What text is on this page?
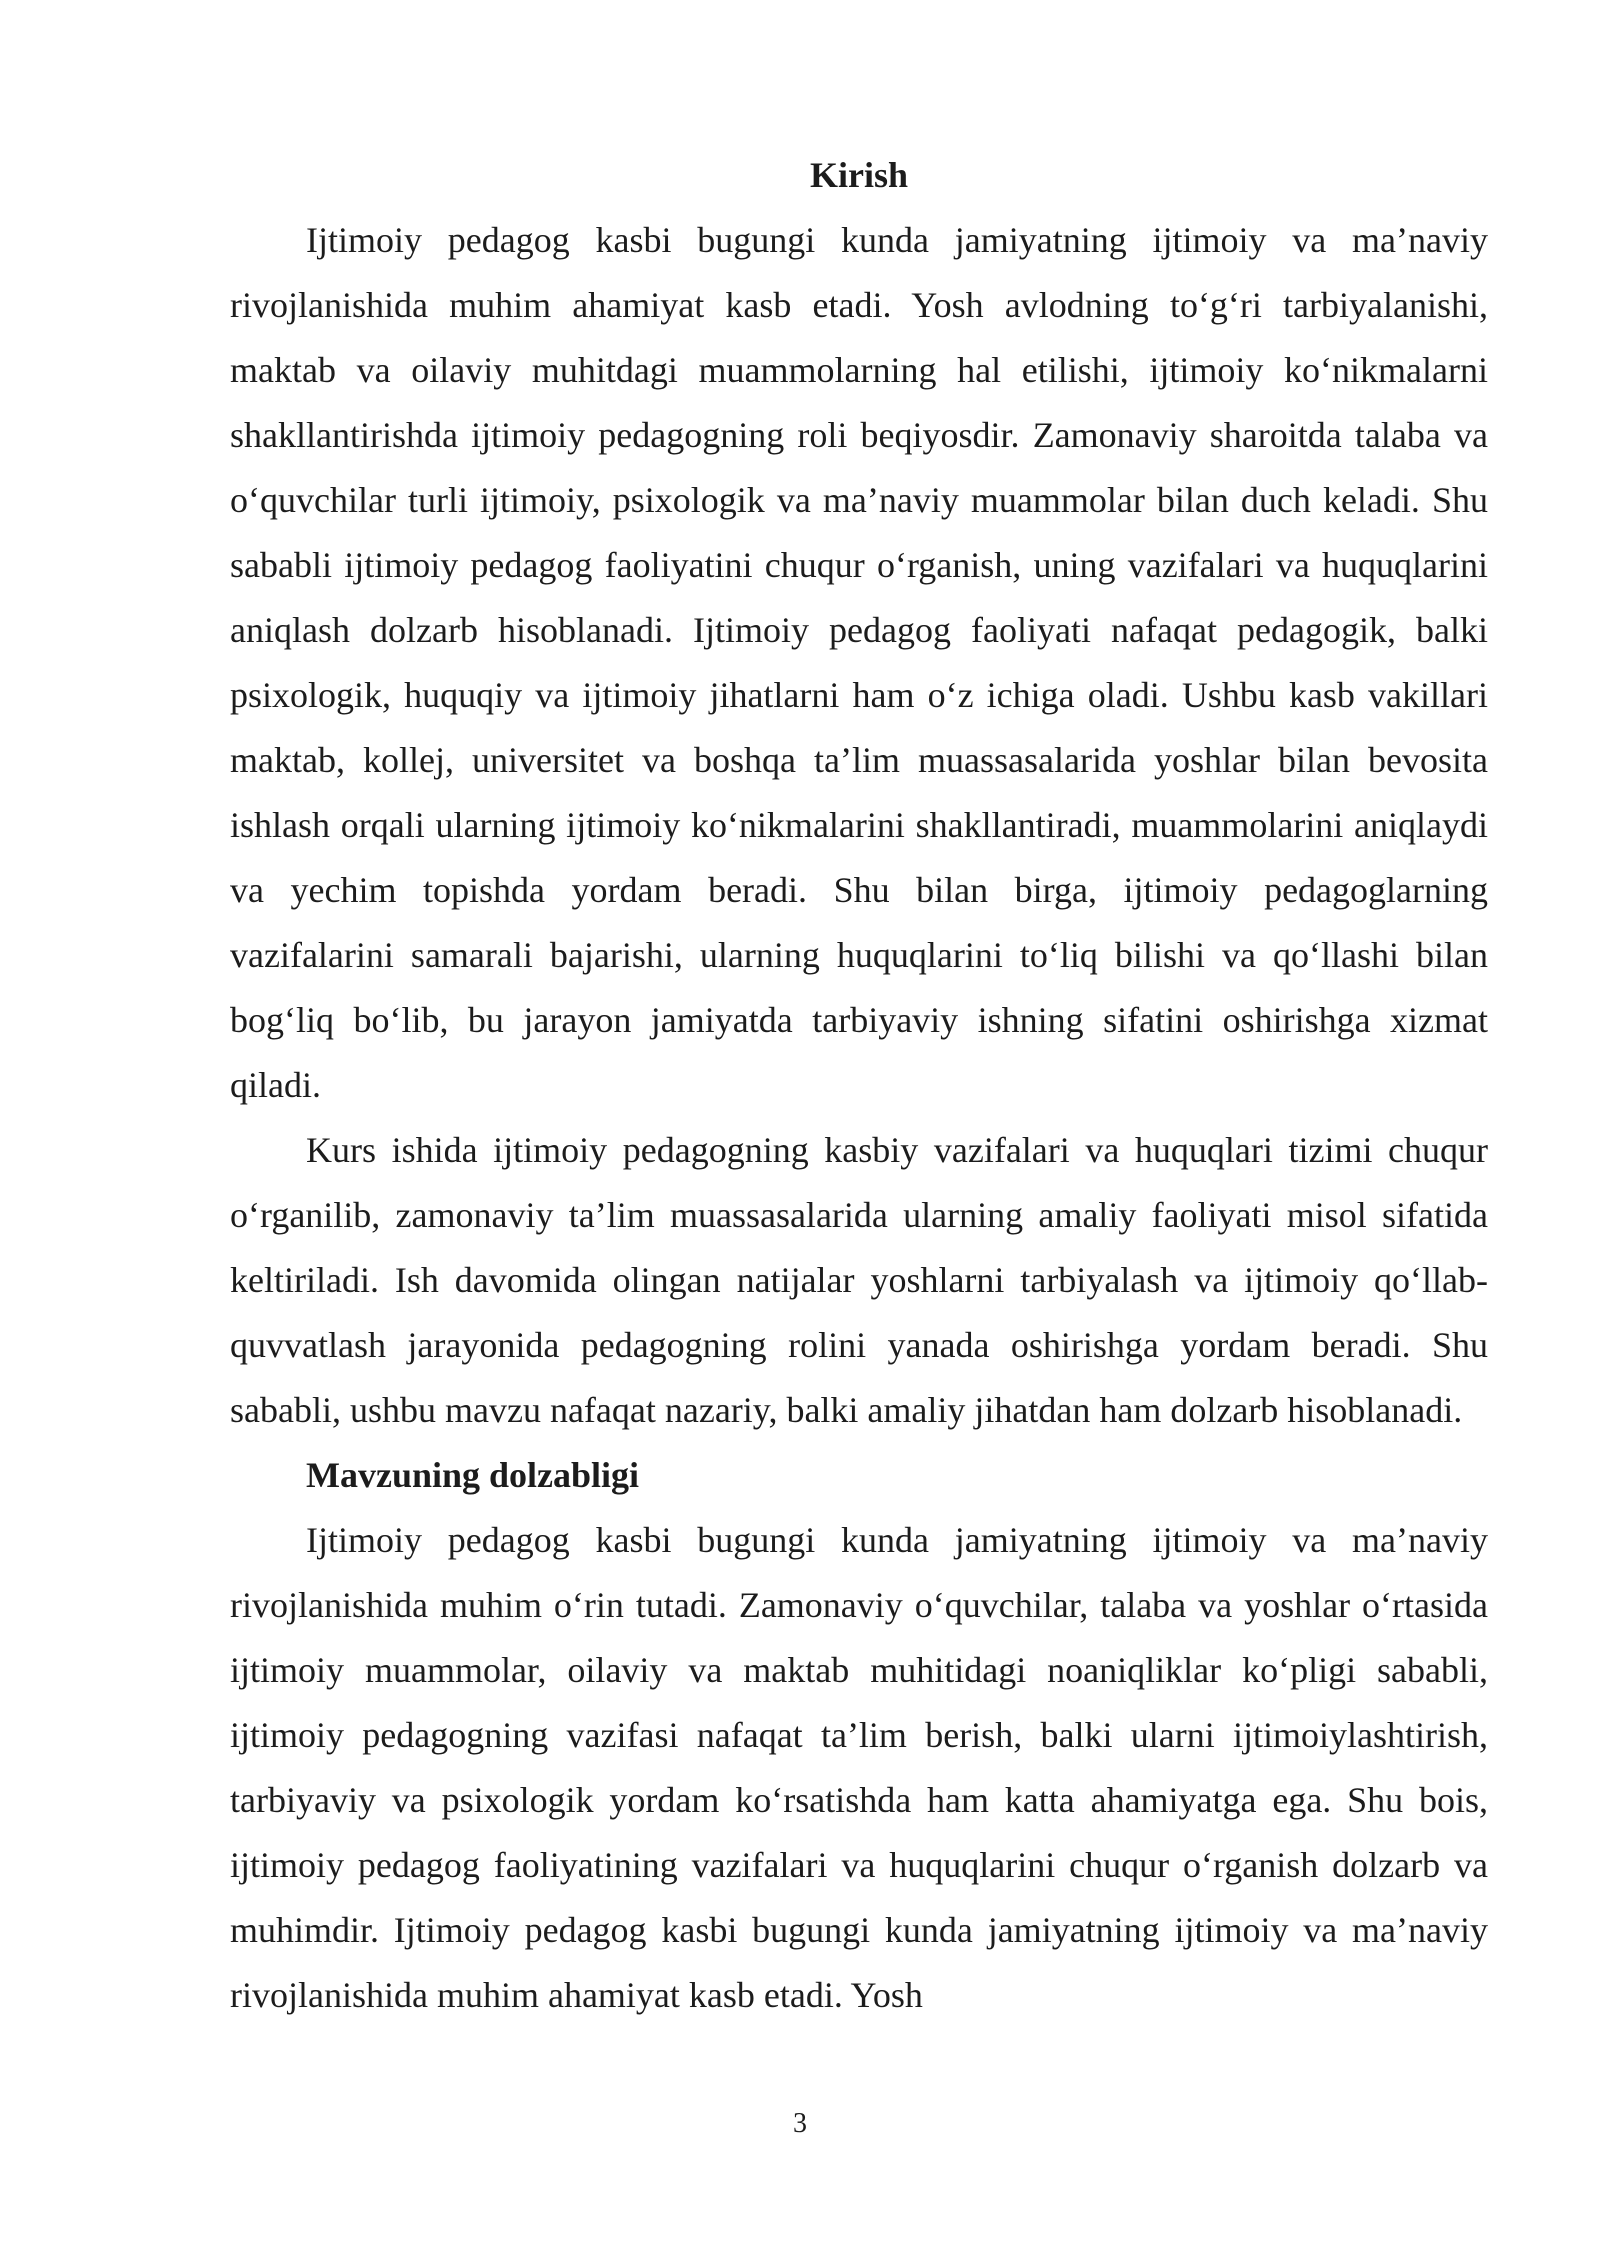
Kirish

Ijtimoiy pedagog kasbi bugungi kunda jamiyatning ijtimoiy va ma’naviy rivojlanishida muhim ahamiyat kasb etadi. Yosh avlodning to‘g‘ri tarbiyalanishi, maktab va oilaviy muhitdagi muammolarning hal etilishi, ijtimoiy ko‘nikmalarni shakllantirishda ijtimoiy pedagogning roli beqiyosdir. Zamonaviy sharoitda talaba va o‘quvchilar turli ijtimoiy, psixologik va ma’naviy muammolar bilan duch keladi. Shu sababli ijtimoiy pedagog faoliyatini chuqur o‘rganish, uning vazifalari va huquqlarini aniqlash dolzarb hisoblanadi. Ijtimoiy pedagog faoliyati nafaqat pedagogik, balki psixologik, huquqiy va ijtimoiy jihatlarni ham o‘z ichiga oladi. Ushbu kasb vakillari maktab, kollej, universitet va boshqa ta’lim muassasalarida yoshlar bilan bevosita ishlash orqali ularning ijtimoiy ko‘nikmalarini shakllantiradi, muammolarini aniqlaydi va yechim topishda yordam beradi. Shu bilan birga, ijtimoiy pedagoglarning vazifalarini samarali bajarishi, ularning huquqlarini to‘liq bilishi va qo‘llashi bilan bog‘liq bo‘lib, bu jarayon jamiyatda tarbiyaviy ishning sifatini oshirishga xizmat qiladi.

Kurs ishida ijtimoiy pedagogning kasbiy vazifalari va huquqlari tizimi chuqur o‘rganilib, zamonaviy ta’lim muassasalarida ularning amaliy faoliyati misol sifatida keltiriladi. Ish davomida olingan natijalar yoshlarni tarbiyalash va ijtimoiy qo‘llab-quvvatlash jarayonida pedagogning rolini yanada oshirishga yordam beradi. Shu sababli, ushbu mavzu nafaqat nazariy, balki amaliy jihatdan ham dolzarb hisoblanadi.

Mavzuning dolzabligi

Ijtimoiy pedagog kasbi bugungi kunda jamiyatning ijtimoiy va ma’naviy rivojlanishida muhim o‘rin tutadi. Zamonaviy o‘quvchilar, talaba va yoshlar o‘rtasida ijtimoiy muammolar, oilaviy va maktab muhitidagi noaniqliklar ko‘pligi sababli, ijtimoiy pedagogning vazifasi nafaqat ta’lim berish, balki ularni ijtimoiylashtirish, tarbiyaviy va psixologik yordam ko‘rsatishda ham katta ahamiyatga ega. Shu bois, ijtimoiy pedagog faoliyatining vazifalari va huquqlarini chuqur o‘rganish dolzarb va muhimdir. Ijtimoiy pedagog kasbi bugungi kunda jamiyatning ijtimoiy va ma’naviy rivojlanishida muhim ahamiyat kasb etadi. Yosh

3
